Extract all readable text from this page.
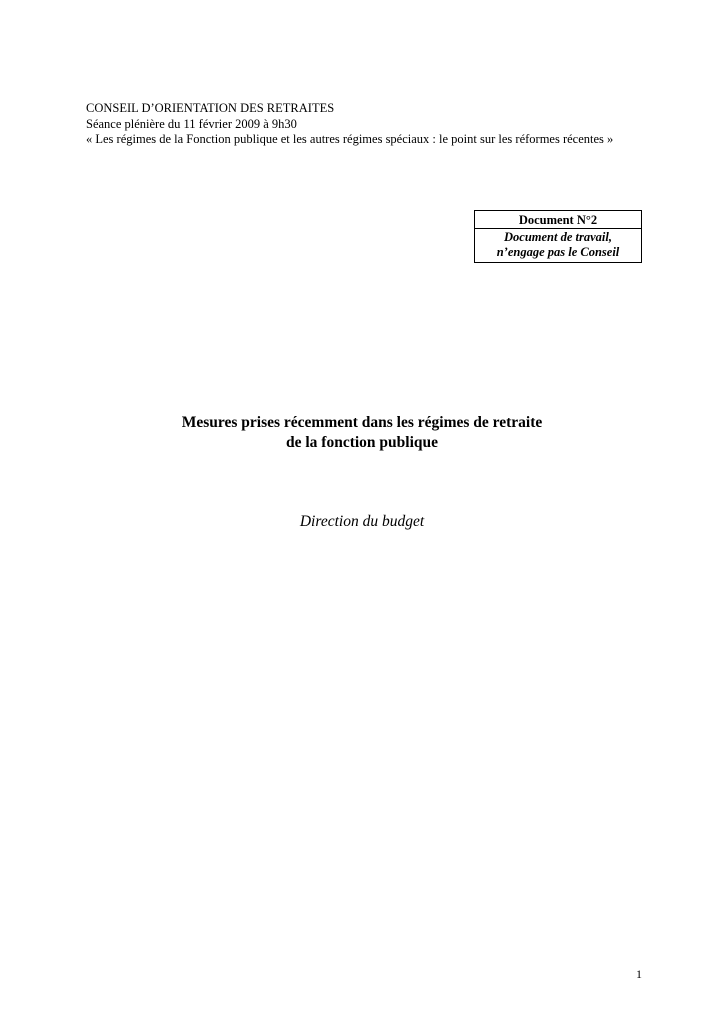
CONSEIL D’ORIENTATION DES RETRAITES
Séance plénière du 11 février 2009 à 9h30
« Les régimes de la Fonction publique et les autres régimes spéciaux : le point sur les réformes récentes »
Document N°2
Document de travail,
n’engage pas le Conseil
Mesures prises récemment dans les régimes de retraite
de la fonction publique
Direction du budget
1
